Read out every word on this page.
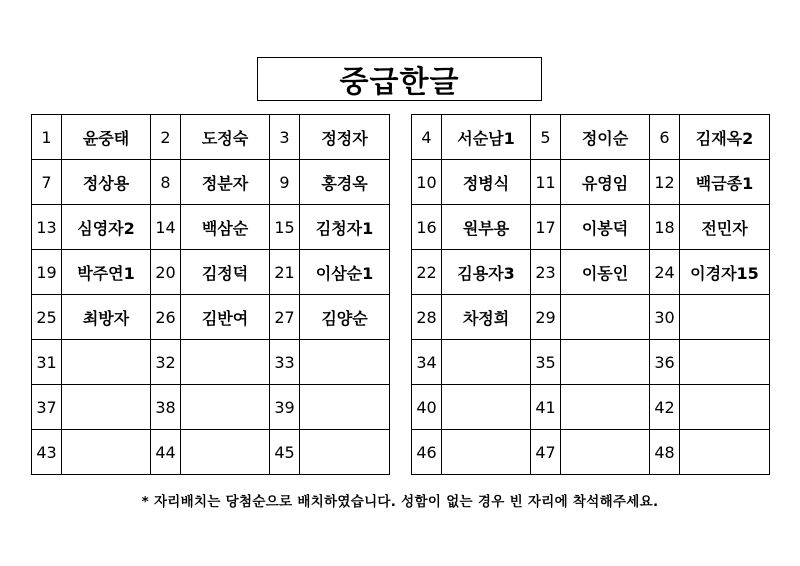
중급한글
1	윤중태	2	도정숙	3	정정자
7	정상용	8	정분자	9	홍경옥
13	심영자2	14	백삼순	15	김청자1
19	박주연1	20	김정덕	21	이삼순1
25	최방자	26	김반여	27	김양순
31		32		33	
37		38		39	
43		44		45	
4	서순남1	5	정이순	6	김재옥2
10	정병식	11	유영임	12	백금종1
16	원부용	17	이봉덕	18	전민자
22	김용자3	23	이동인	24	이경자15
28	차정희	29		30	
34		35		36	
40		41		42	
46		47		48	
* 자리배치는 당첨순으로 배치하였습니다. 성함이 없는 경우 빈 자리에 착석해주세요.
